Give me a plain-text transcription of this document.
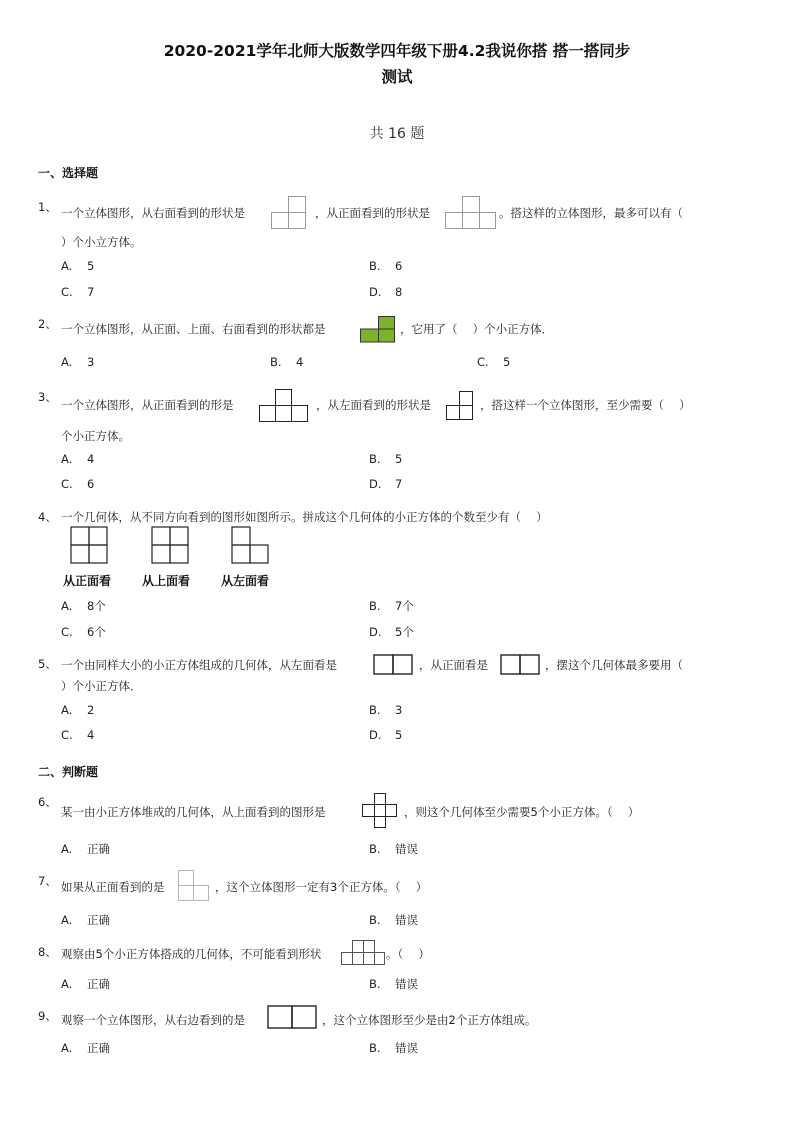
2020-2021学年北师大版数学四年级下册4.2我说你搭 搭一搭同步
测试
共 16 题
一、选择题
1、 一个立体图形，从右面看到的形状是	，从正面看到的形状是	。搭这样的立体图形，最多可以有（
）个小立方体。
A. 5	B. 6
C. 7	D. 8
2、 一个立体图形，从正面、上面、右面看到的形状都是	，它用了（　 ）个小正方体．
A. 3	B. 4	C. 5
3、
一个立体图形，从正面看到的形是	，从左面看到的形状是	，搭这样一个立体图形，至少需要（　 ）
个小正方体。
A. 4	B. 5
C. 6	D. 7
4、 一个几何体，从不同方向看到的图形如图所示。拼成这个几何体的小正方体的个数至少有（　 ）
从正面看	从上面看	从左面看
A. 8个	B. 7个
C. 6个	D. 5个
5、 一个由同样大小的小正方体组成的几何体，从左面看是	，从正面看是	，摆这个几何体最多要用（
）个小正方体．
A. 2	B. 3
C. 4	D. 5
二、判断题
6、
某一由小正方体堆成的几何体，从上面看到的图形是	，则这个几何体至少需要5个小正方体。（　 ）
A. 正确	B. 错误
7、 如果从正面看到的是	，这个立体图形一定有3个正方体。（　 ）
A. 正确	B. 错误
8、 观察由5个小正方体搭成的几何体，不可能看到形状	。（　 ）
A. 正确	B. 错误
9、 观察一个立体图形，从右边看到的是	，这个立体图形至少是由2个正方体组成。
A. 正确	B. 错误
